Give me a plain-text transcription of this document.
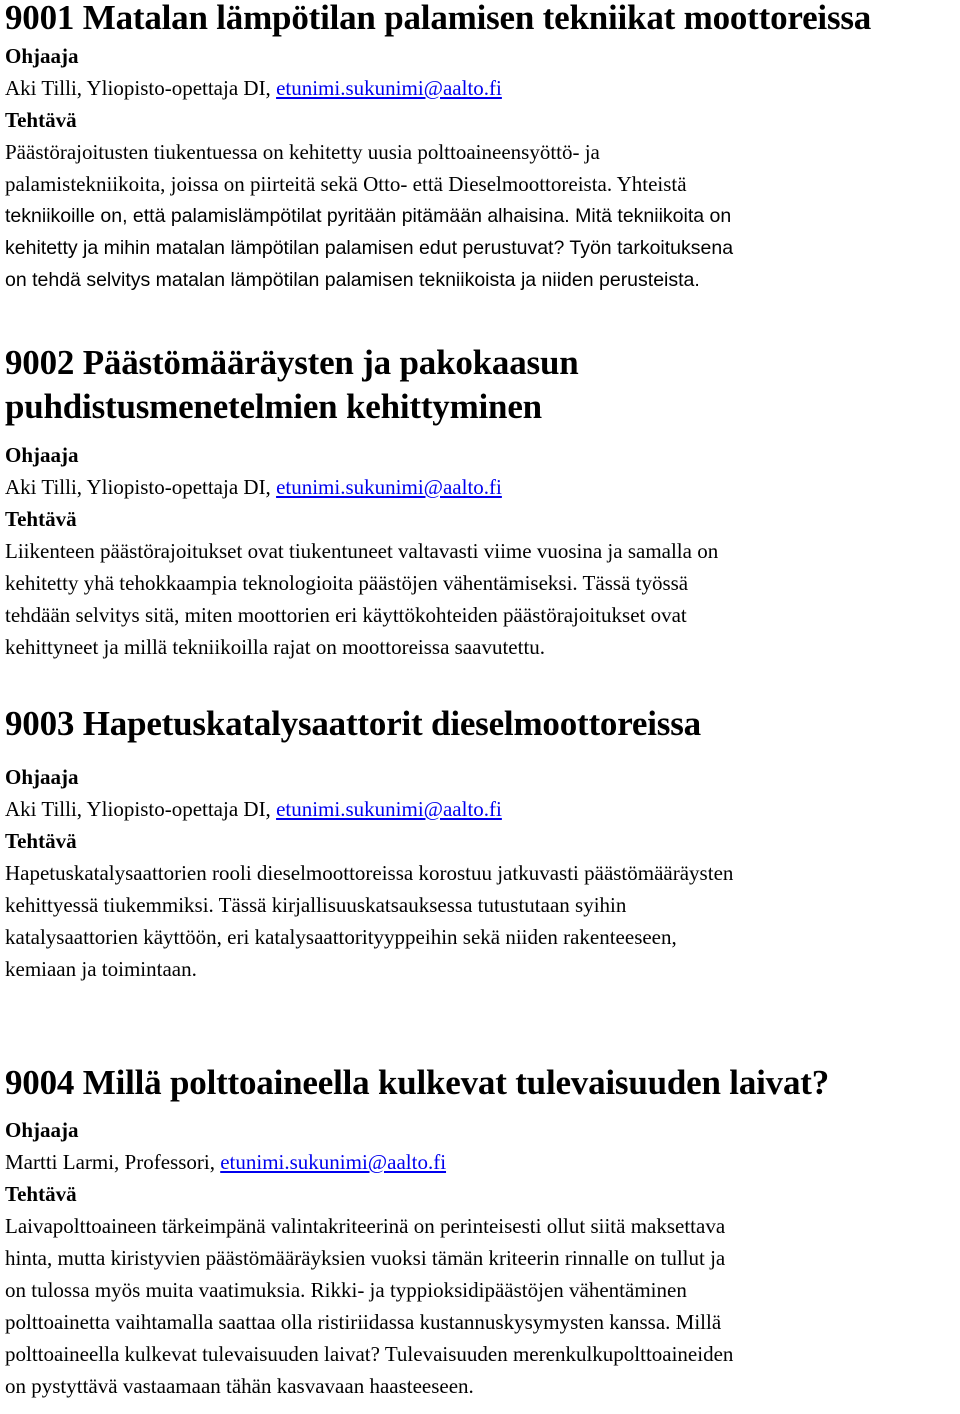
9001 Matalan lämpötilan palamisen tekniikat moottoreissa

Ohjaaja

Aki Tilli, Yliopisto-opettaja DI, etunimi.sukunimi@aalto.fi

Tehtävä

Päästörajoitusten tiukentuessa on kehitetty uusia polttoaineensyöttö- ja

palamistekniikoita, joissa on piirteitä sekä Otto- että Dieselmoottoreista. Yhteistä

tekniikoille on, että palamislämpötilat pyritään pitämään alhaisina. Mitä tekniikoita on

kehitetty ja mihin matalan lämpötilan palamisen edut perustuvat? Työn tarkoituksena

on tehdä selvitys matalan lämpötilan palamisen tekniikoista ja niiden perusteista.

9002 Päästömääräysten ja pakokaasun
puhdistusmenetelmien kehittyminen

Ohjaaja

Aki Tilli, Yliopisto-opettaja DI, etunimi.sukunimi@aalto.fi

Tehtävä

Liikenteen päästörajoitukset ovat tiukentuneet valtavasti viime vuosina ja samalla on

kehitetty yhä tehokkaampia teknologioita päästöjen vähentämiseksi. Tässä työssä

tehdään selvitys sitä, miten moottorien eri käyttökohteiden päästörajoitukset ovat

kehittyneet ja millä tekniikoilla rajat on moottoreissa saavutettu.

9003 Hapetuskatalysaattorit dieselmoottoreissa

Ohjaaja

Aki Tilli, Yliopisto-opettaja DI, etunimi.sukunimi@aalto.fi

Tehtävä

Hapetuskatalysaattorien rooli dieselmoottoreissa korostuu jatkuvasti päästömääräysten

kehittyessä tiukemmiksi. Tässä kirjallisuuskatsauksessa tutustutaan syihin

katalysaattorien käyttöön, eri katalysaattorityyppeihin sekä niiden rakenteeseen,

kemiaan ja toimintaan.

9004 Millä polttoaineella kulkevat tulevaisuuden laivat?

Ohjaaja

Martti Larmi, Professori, etunimi.sukunimi@aalto.fi

Tehtävä

Laivapolttoaineen tärkeimpänä valintakriteerinä on perinteisesti ollut siitä maksettava

hinta, mutta kiristyvien päästömääräyksien vuoksi tämän kriteerin rinnalle on tullut ja

on tulossa myös muita vaatimuksia. Rikki- ja typpioksidipäästöjen vähentäminen

polttoainetta vaihtamalla saattaa olla ristiriidassa kustannuskysymysten kanssa. Millä

polttoaineella kulkevat tulevaisuuden laivat? Tulevaisuuden merenkulkupolttoaineiden

on pystyttävä vastaamaan tähän kasvavaan haasteeseen.
